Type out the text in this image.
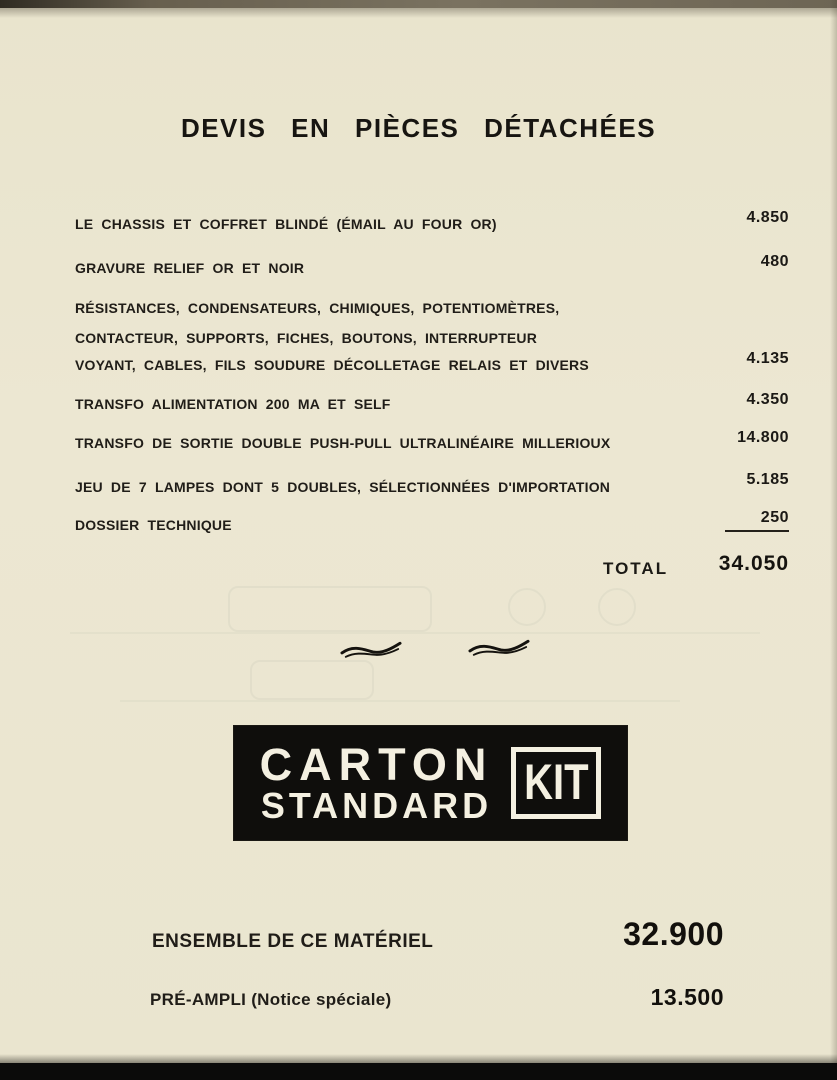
DEVIS EN PIÈCES DÉTACHÉES
LE CHASSIS ET COFFRET BLINDÉ (ÉMAIL AU FOUR OR)	4.850
GRAVURE RELIEF OR ET NOIR	480
RÉSISTANCES, CONDENSATEURS, CHIMIQUES, POTENTIOMÈTRES,
CONTACTEUR, SUPPORTS, FICHES, BOUTONS, INTERRUPTEUR
VOYANT, CABLES, FILS SOUDURE DÉCOLLETAGE RELAIS ET DIVERS	4.135
TRANSFO ALIMENTATION 200 MA ET SELF	4.350
TRANSFO DE SORTIE DOUBLE PUSH-PULL ULTRALINÉAIRE MILLERIOUX	14.800
JEU DE 7 LAMPES DONT 5 DOUBLES, SÉLECTIONNÉES D'IMPORTATION	5.185
DOSSIER TECHNIQUE	250
TOTAL 34.050
CARTON
STANDARD KIT
ENSEMBLE DE CE MATÉRIEL	32.900
PRÉ-AMPLI (Notice spéciale)	13.500
